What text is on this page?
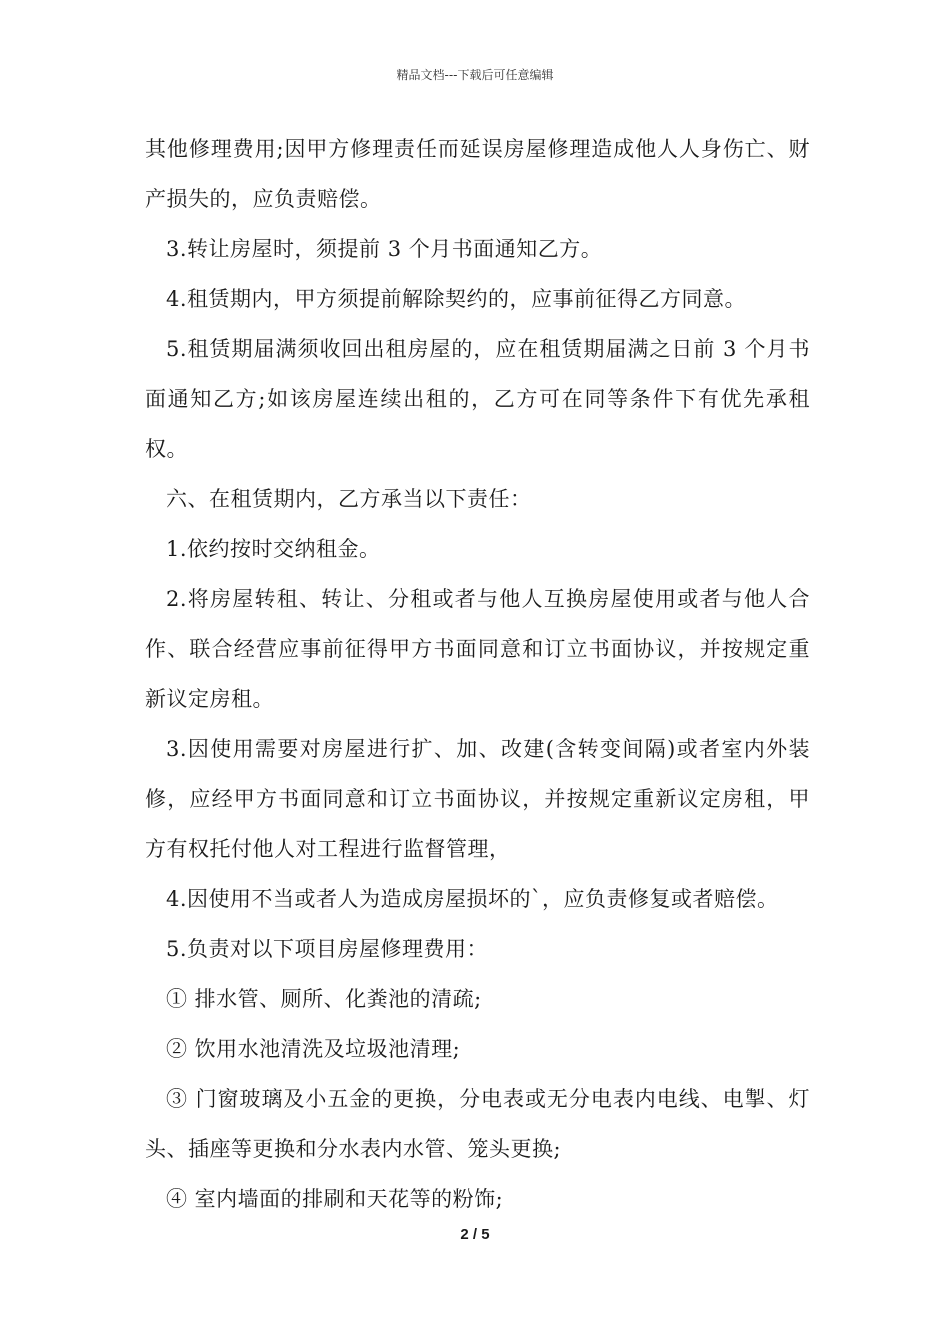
精品文档---下载后可任意编辑

其他修理费用;因甲方修理责任而延误房屋修理造成他人人身伤亡、财产损失的，应负责赔偿。

3.转让房屋时，须提前 3 个月书面通知乙方。

4.租赁期内，甲方须提前解除契约的，应事前征得乙方同意。

5.租赁期届满须收回出租房屋的，应在租赁期届满之日前 3 个月书面通知乙方;如该房屋连续出租的，乙方可在同等条件下有优先承租权。

六、在租赁期内，乙方承当以下责任：

1.依约按时交纳租金。

2.将房屋转租、转让、分租或者与他人互换房屋使用或者与他人合作、联合经营应事前征得甲方书面同意和订立书面协议，并按规定重新议定房租。

3.因使用需要对房屋进行扩、加、改建(含转变间隔)或者室内外装修，应经甲方书面同意和订立书面协议，并按规定重新议定房租，甲方有权托付他人对工程进行监督管理，

4.因使用不当或者人为造成房屋损坏的`，应负责修复或者赔偿。

5.负责对以下项目房屋修理费用：

① 排水管、厕所、化粪池的清疏;

② 饮用水池清洗及垃圾池清理;

③ 门窗玻璃及小五金的更换，分电表或无分电表内电线、电掣、灯头、插座等更换和分水表内水管、笼头更换;

④ 室内墙面的排刷和天花等的粉饰;

2 / 5
